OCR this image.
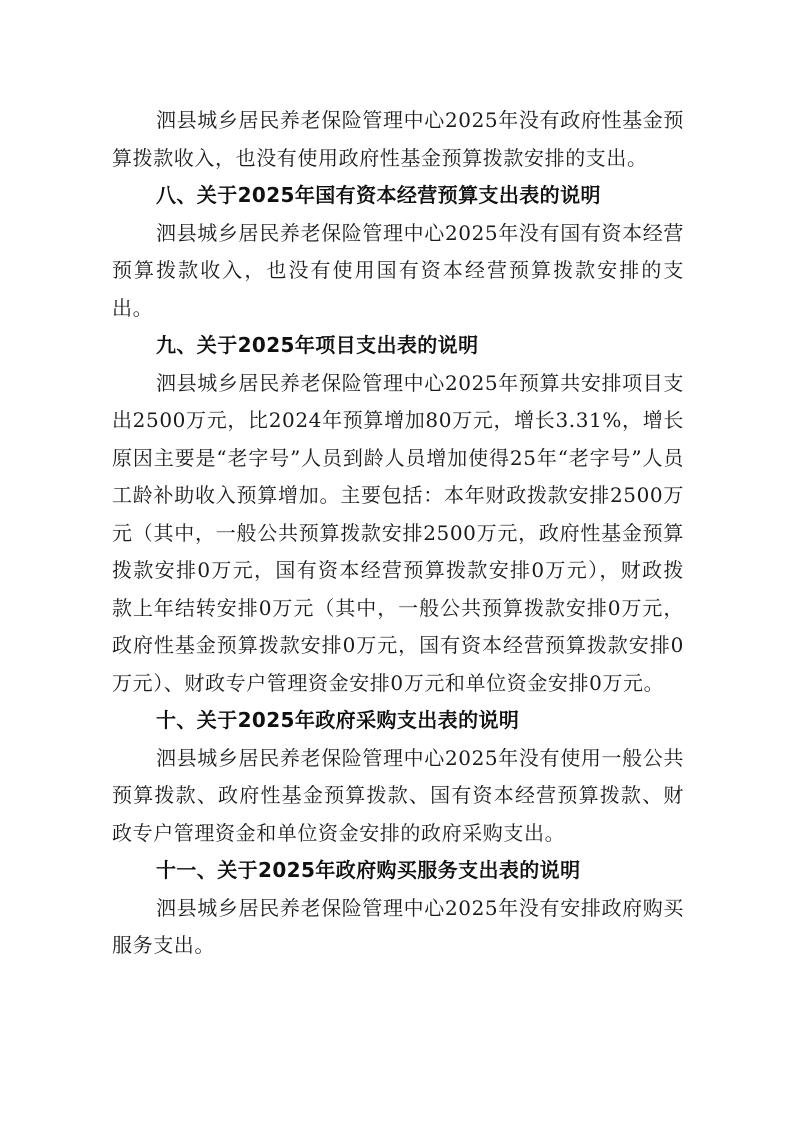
泗县城乡居民养老保险管理中心2025年没有政府性基金预算拨款收入，也没有使用政府性基金预算拨款安排的支出。

八、关于2025年国有资本经营预算支出表的说明

泗县城乡居民养老保险管理中心2025年没有国有资本经营预算拨款收入，也没有使用国有资本经营预算拨款安排的支出。

九、关于2025年项目支出表的说明

泗县城乡居民养老保险管理中心2025年预算共安排项目支出2500万元，比2024年预算增加80万元，增长3.31%，增长原因主要是“老字号”人员到龄人员增加使得25年“老字号”人员工龄补助收入预算增加。主要包括：本年财政拨款安排2500万元（其中，一般公共预算拨款安排2500万元，政府性基金预算拨款安排0万元，国有资本经营预算拨款安排0万元），财政拨款上年结转安排0万元（其中，一般公共预算拨款安排0万元，政府性基金预算拨款安排0万元，国有资本经营预算拨款安排0万元）、财政专户管理资金安排0万元和单位资金安排0万元。

十、关于2025年政府采购支出表的说明

泗县城乡居民养老保险管理中心2025年没有使用一般公共预算拨款、政府性基金预算拨款、国有资本经营预算拨款、财政专户管理资金和单位资金安排的政府采购支出。

十一、关于2025年政府购买服务支出表的说明

泗县城乡居民养老保险管理中心2025年没有安排政府购买服务支出。
